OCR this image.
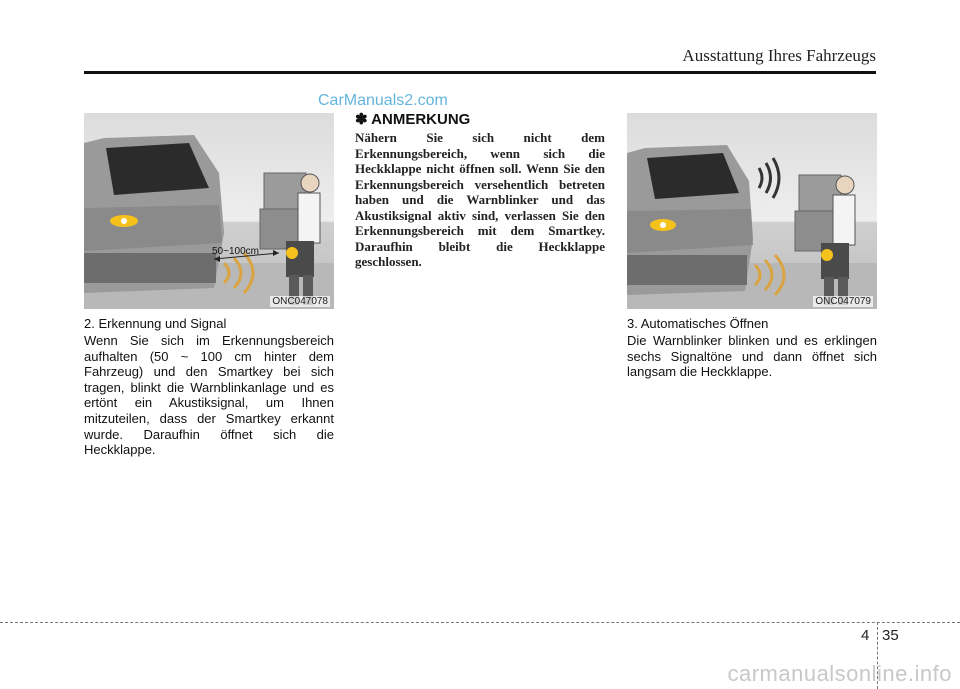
Ausstattung Ihres Fahrzeugs
CarManuals2.com
50~100cm
ONC047078
2. Erkennung und Signal
Wenn Sie sich im Erkennungsbereich aufhalten (50 ~ 100 cm hinter dem Fahrzeug) und den Smartkey bei sich tragen, blinkt die Warnblinkanlage und es ertönt ein Akustiksignal, um Ihnen mitzuteilen, dass der Smartkey erkannt wurde. Daraufhin öffnet sich die Heckklappe.
✽ ANMERKUNG
Nähern Sie sich nicht dem Erkennungsbereich, wenn sich die Heckklappe nicht öffnen soll. Wenn Sie den Erkennungsbereich versehentlich betreten haben und die Warnblinker und das Akustiksignal aktiv sind, verlassen Sie den Erkennungsbereich mit dem Smartkey. Daraufhin bleibt die Heckklappe geschlossen.
ONC047079
3. Automatisches Öffnen
Die Warnblinker blinken und es erklingen sechs Signaltöne und dann öffnet sich langsam die Heckklappe.
4 35
carmanualsonline.info
